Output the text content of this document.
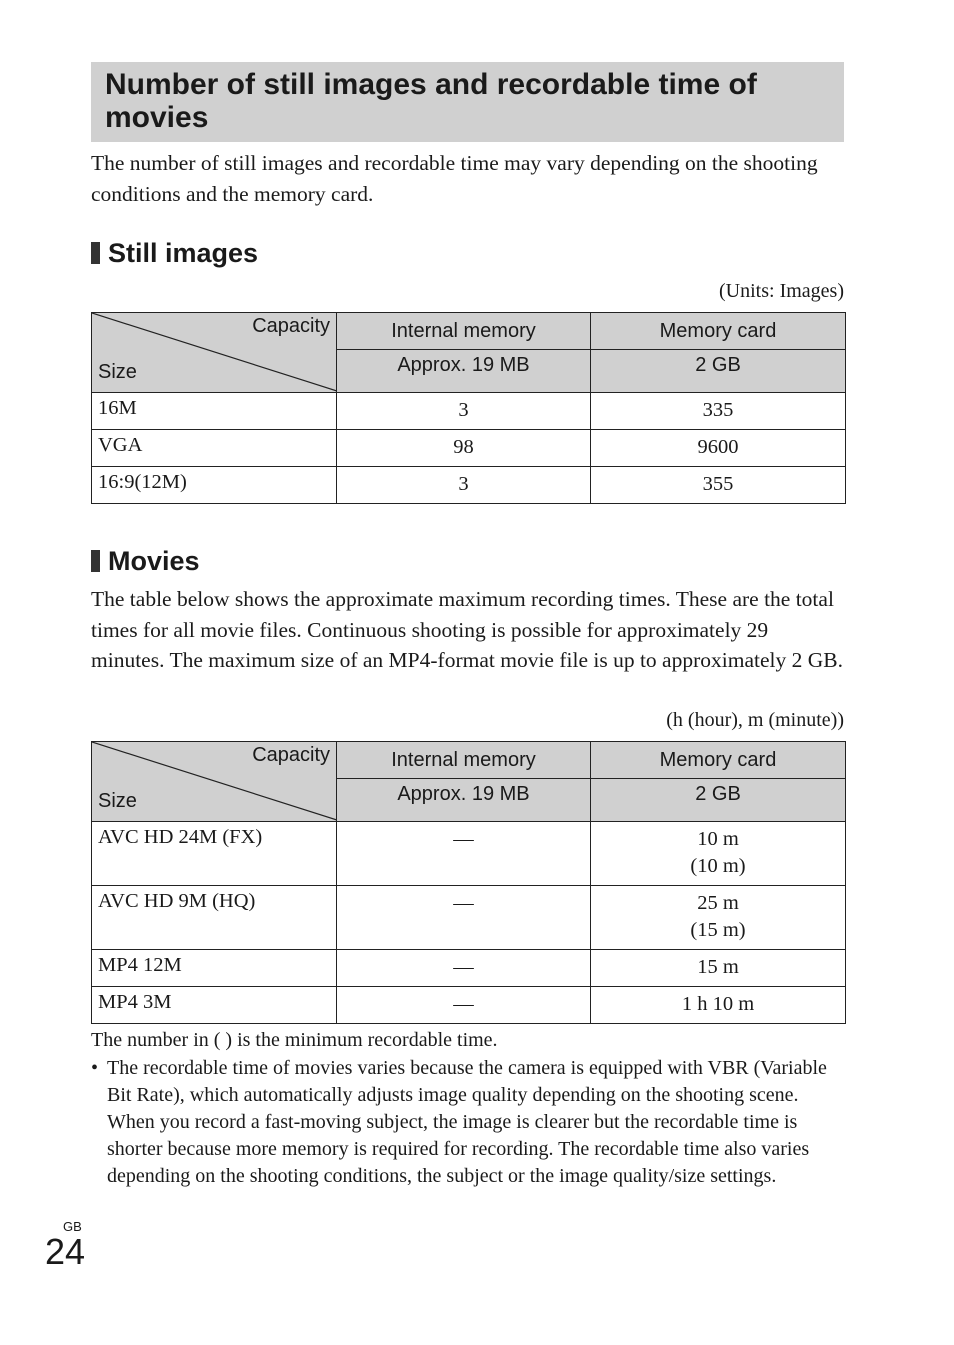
Number of still images and recordable time of movies

The number of still images and recordable time may vary depending on the shooting conditions and the memory card.

Still images
(Units: Images)
Capacity
Size	Internal memory	Memory card
	Approx. 19 MB	2 GB
16M	3	335
VGA	98	9600
16:9(12M)	3	355
Movies

The table below shows the approximate maximum recording times. These are the total times for all movie files. Continuous shooting is possible for approximately 29 minutes. The maximum size of an MP4-format movie file is up to approximately 2 GB.

(h (hour), m (minute))
Capacity
Size	Internal memory	Memory card
	Approx. 19 MB	2 GB
AVC HD 24M (FX)	—	10 m
(10 m)

AVC HD 9M (HQ)	—	25 m
(15 m)

MP4 12M	—	15 m
MP4 3M	—	1 h 10 m

The number in ( ) is the minimum recordable time.

• The recordable time of movies varies because the camera is equipped with VBR (Variable Bit Rate), which automatically adjusts image quality depending on the shooting scene. When you record a fast-moving subject, the image is clearer but the recordable time is shorter because more memory is required for recording. The recordable time also varies depending on the shooting conditions, the subject or the image quality/size settings.

GB
24
